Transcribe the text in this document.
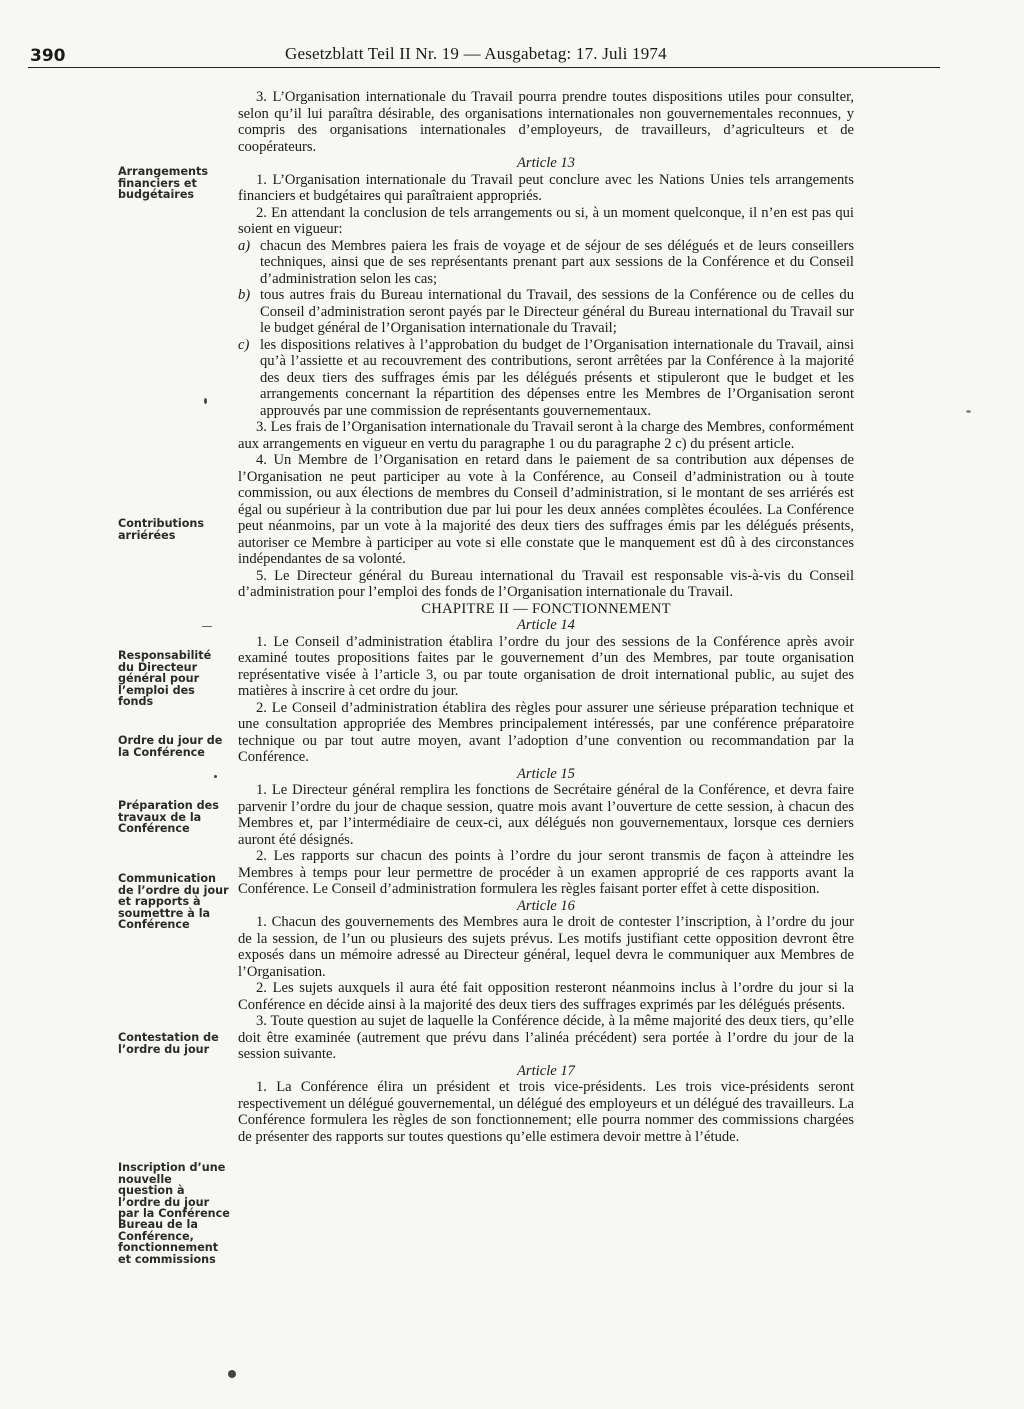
390	Gesetzblatt Teil II Nr. 19 — Ausgabetag: 17. Juli 1974
Arrangements financiers et budgétaires
Contributions arriérées
Responsabilité du Directeur général pour l’emploi des fonds
Ordre du jour de la Conférence
Préparation des travaux de la Conférence
Communication de l’ordre du jour et rapports à soumettre à la Conférence
Contestation de l’ordre du jour
Inscription d’une nouvelle question à l’ordre du jour par la Conférence
Bureau de la Conférence, fonctionnement et commissions

3. L’Organisation internationale du Travail pourra prendre toutes dispositions utiles pour consulter, selon qu’il lui paraîtra désirable, des organisations internationales non gouvernementales reconnues, y compris des organisations internationales d’employeurs, de travailleurs, d’agriculteurs et de coopérateurs.

Article 13

1. L’Organisation internationale du Travail peut conclure avec les Nations Unies tels arrangements financiers et budgétaires qui paraîtraient appropriés.

2. En attendant la conclusion de tels arrangements ou si, à un moment quelconque, il n’en est pas qui soient en vigueur:

a) chacun des Membres paiera les frais de voyage et de séjour de ses délégués et de leurs conseillers techniques, ainsi que de ses représentants prenant part aux sessions de la Conférence et du Conseil d’administration selon les cas;
b) tous autres frais du Bureau international du Travail, des sessions de la Conférence ou de celles du Conseil d’administration seront payés par le Directeur général du Bureau international du Travail sur le budget général de l’Organisation internationale du Travail;
c) les dispositions relatives à l’approbation du budget de l’Organisation internationale du Travail, ainsi qu’à l’assiette et au recouvrement des contributions, seront arrêtées par la Conférence à la majorité des deux tiers des suffrages émis par les délégués présents et stipuleront que le budget et les arrangements concernant la répartition des dépenses entre les Membres de l’Organisation seront approuvés par une commission de représentants gouvernementaux.

3. Les frais de l’Organisation internationale du Travail seront à la charge des Membres, conformément aux arrangements en vigueur en vertu du paragraphe 1 ou du paragraphe 2 c) du présent article.

4. Un Membre de l’Organisation en retard dans le paiement de sa contribution aux dépenses de l’Organisation ne peut participer au vote à la Conférence, au Conseil d’administration ou à toute commission, ou aux élections de membres du Conseil d’administration, si le montant de ses arriérés est égal ou supérieur à la contribution due par lui pour les deux années complètes écoulées. La Conférence peut néanmoins, par un vote à la majorité des deux tiers des suffrages émis par les délégués présents, autoriser ce Membre à participer au vote si elle constate que le manquement est dû à des circonstances indépendantes de sa volonté.

5. Le Directeur général du Bureau international du Travail est responsable vis-à-vis du Conseil d’administration pour l’emploi des fonds de l’Organisation internationale du Travail.

CHAPITRE II — FONCTIONNEMENT

Article 14

1. Le Conseil d’administration établira l’ordre du jour des sessions de la Conférence après avoir examiné toutes propositions faites par le gouvernement d’un des Membres, par toute organisation représentative visée à l’article 3, ou par toute organisation de droit international public, au sujet des matières à inscrire à cet ordre du jour.

2. Le Conseil d’administration établira des règles pour assurer une sérieuse préparation technique et une consultation appropriée des Membres principalement intéressés, par une conférence préparatoire technique ou par tout autre moyen, avant l’adoption d’une convention ou recommandation par la Conférence.

Article 15

1. Le Directeur général remplira les fonctions de Secrétaire général de la Conférence, et devra faire parvenir l’ordre du jour de chaque session, quatre mois avant l’ouverture de cette session, à chacun des Membres et, par l’intermédiaire de ceux-ci, aux délégués non gouvernementaux, lorsque ces derniers auront été désignés.

2. Les rapports sur chacun des points à l’ordre du jour seront transmis de façon à atteindre les Membres à temps pour leur permettre de procéder à un examen approprié de ces rapports avant la Conférence. Le Conseil d’administration formulera les règles faisant porter effet à cette disposition.

Article 16

1. Chacun des gouvernements des Membres aura le droit de contester l’inscription, à l’ordre du jour de la session, de l’un ou plusieurs des sujets prévus. Les motifs justifiant cette opposition devront être exposés dans un mémoire adressé au Directeur général, lequel devra le communiquer aux Membres de l’Organisation.

2. Les sujets auxquels il aura été fait opposition resteront néanmoins inclus à l’ordre du jour si la Conférence en décide ainsi à la majorité des deux tiers des suffrages exprimés par les délégués présents.

3. Toute question au sujet de laquelle la Conférence décide, à la même majorité des deux tiers, qu’elle doit être examinée (autrement que prévu dans l’alinéa précédent) sera portée à l’ordre du jour de la session suivante.

Article 17

1. La Conférence élira un président et trois vice-présidents. Les trois vice-présidents seront respectivement un délégué gouvernemental, un délégué des employeurs et un délégué des travailleurs. La Conférence formulera les règles de son fonctionnement; elle pourra nommer des commissions chargées de présenter des rapports sur toutes questions qu’elle estimera devoir mettre à l’étude.
